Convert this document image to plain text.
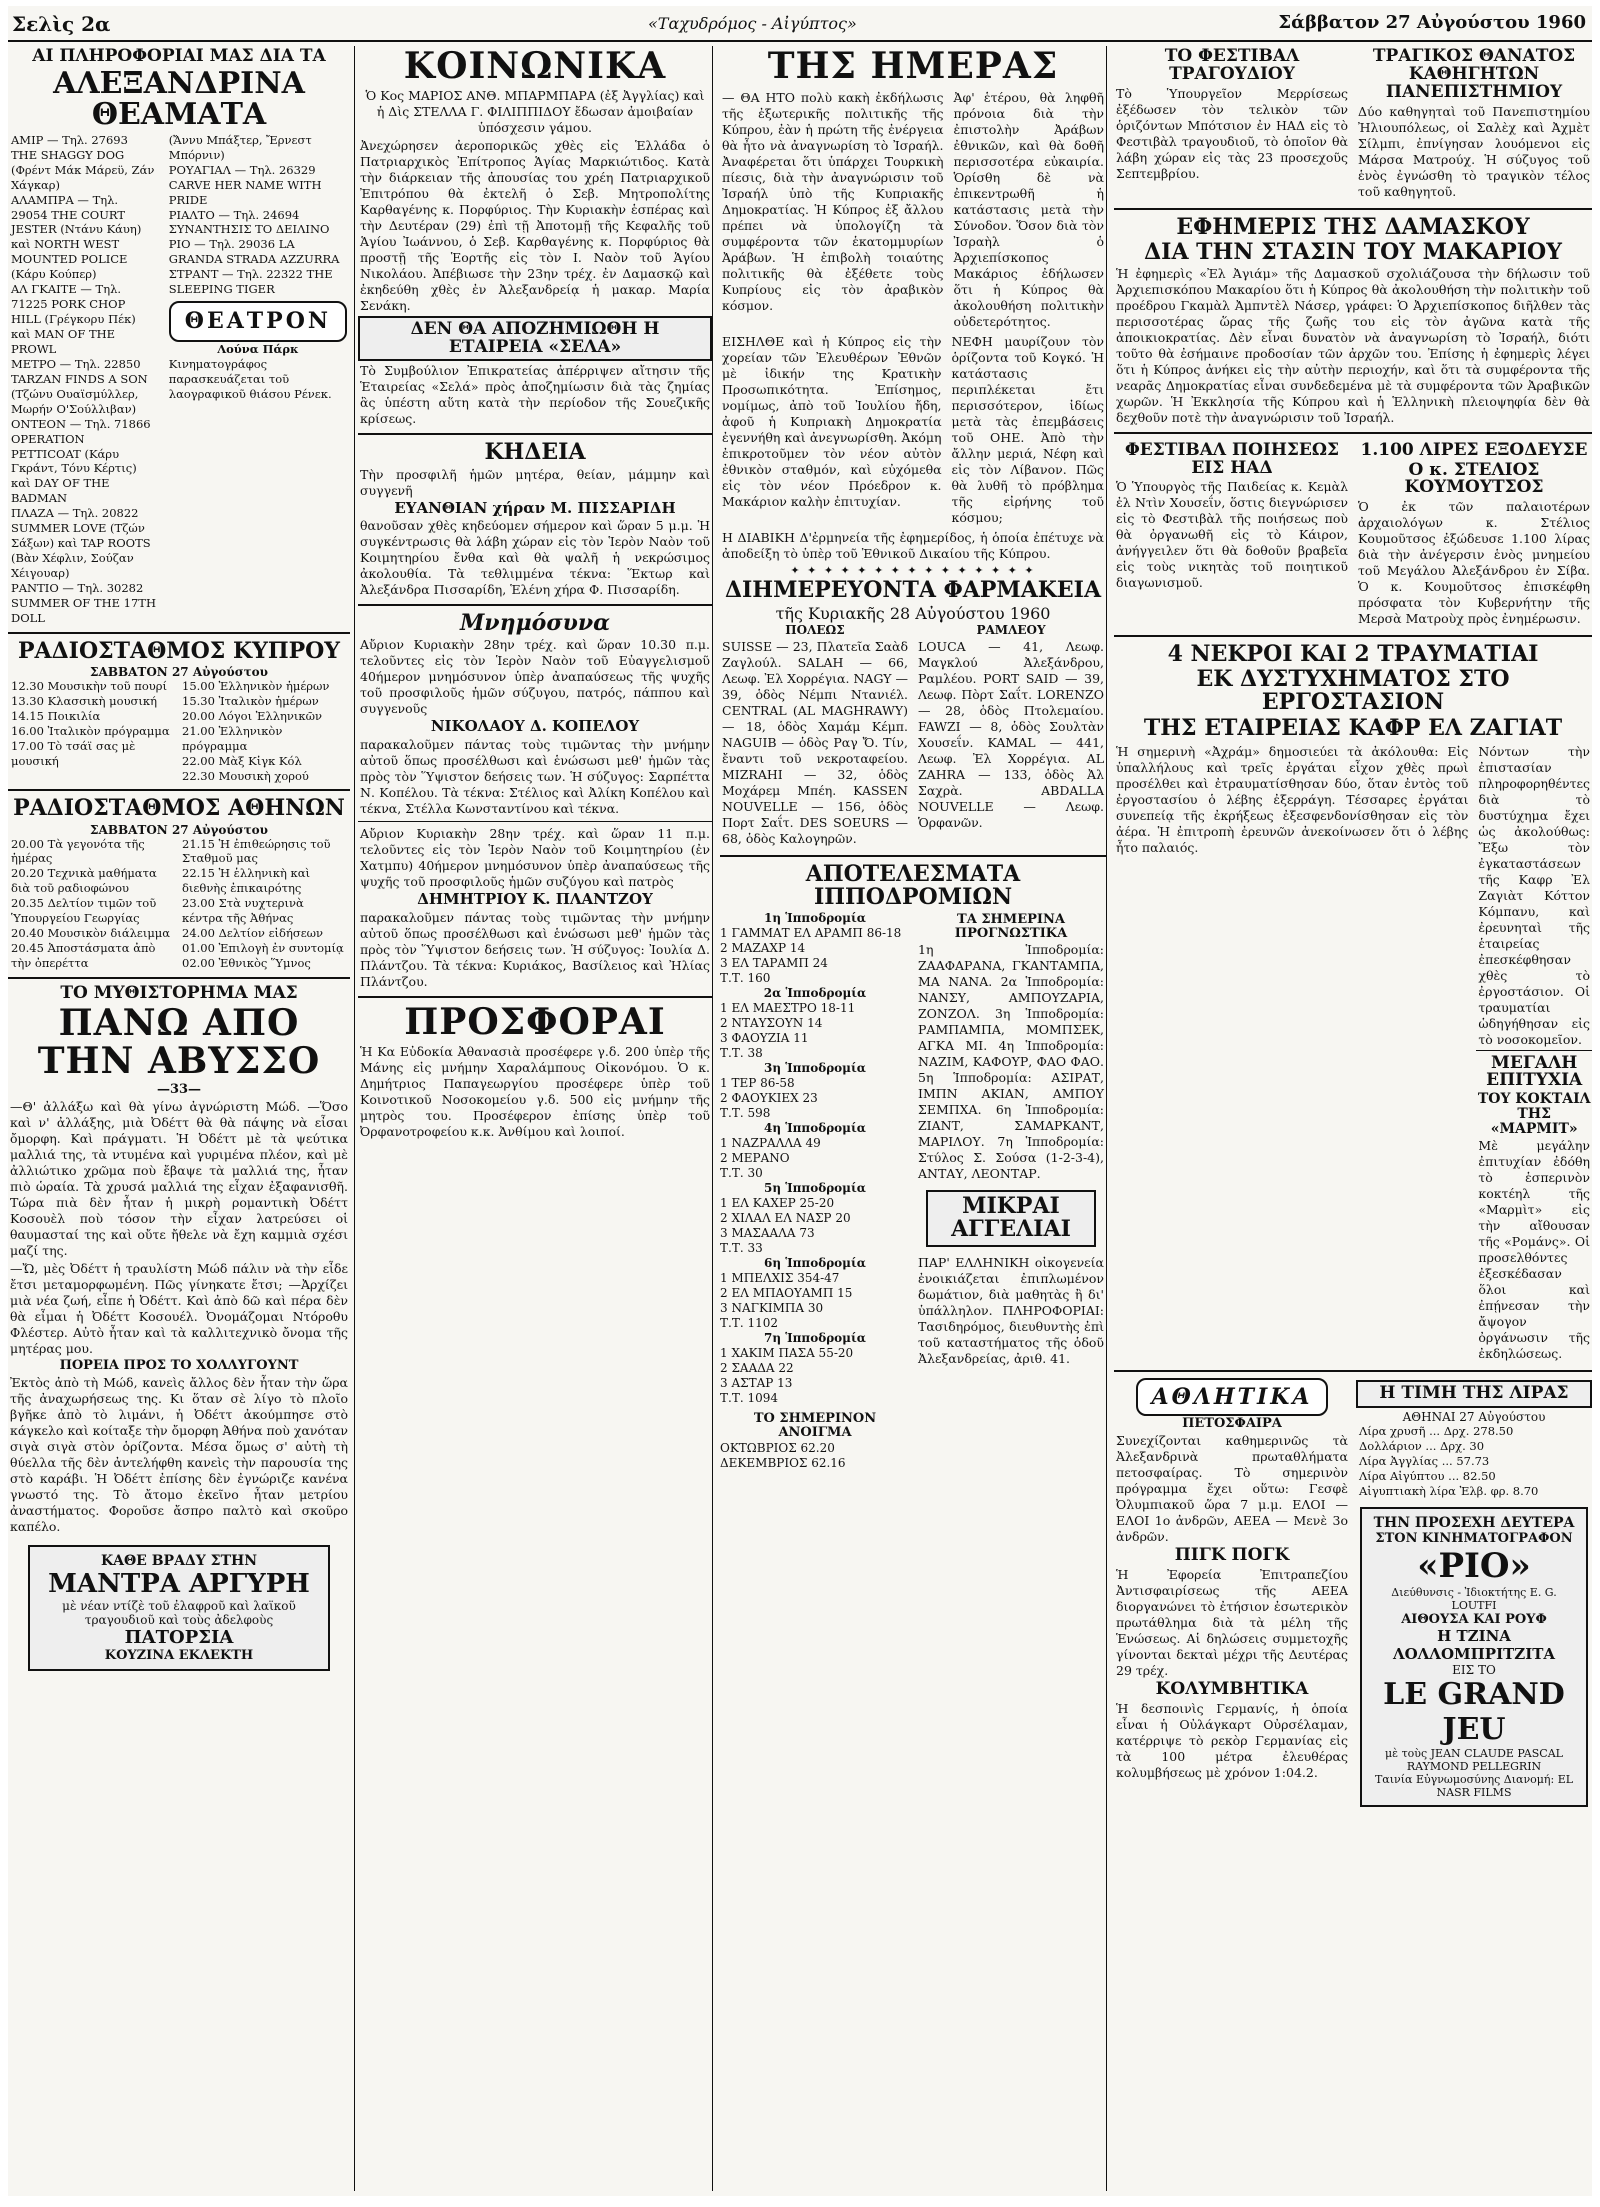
Σελὶς 2α	«Ταχυδρόμος - Αἰγύπτος»	Σάββατον 27 Αὐγούστου 1960
ΑΙ ΠΛΗΡΟΦΟΡΙΑΙ ΜΑΣ ΔΙΑ ΤΑ
ΑΛΕΞΑΝΔΡΙΝΑ ΘΕΑΜΑΤΑ
ΑΜΙΡ — Τηλ. 27693 THE SHAGGY DOG (Φρέντ Μάκ Μάρεϋ, Ζάν Χάγκαρ)
ΑΛΑΜΠΡΑ — Τηλ. 29054 THE COURT JESTER (Ντάνυ Κάυη) καὶ NORTH WEST MOUNTED POLICE (Κάρυ Κούπερ)
ΑΛ ΓΚΑΙΤΕ — Τηλ. 71225 PORK CHOP HILL (Γρέγκορυ Πέκ) καὶ MAN OF THE PROWL
ΜΕΤΡΟ — Τηλ. 22850 TARZAN FINDS A SON (Τζώνυ Ουαϊσμύλλερ, Μωρήν Ο'Σούλλιβαν)
ΟΝΤΕΟΝ — Τηλ. 71866 OPERATION PETTICOAT (Κάρυ Γκράντ, Τόνυ Κέρτις) καὶ DAY OF THE BADMAN
ΠΛΑΖΑ — Τηλ. 20822 SUMMER LOVE (Τζών Σάξων) καὶ TAP ROOTS (Βὰν Χέφλιν, Σούζαν Χέιγουαρ)
ΡΑΝΤΙΟ — Τηλ. 30282 SUMMER OF THE 17TH DOLL
(Ἄννυ Μπάξτερ, Ἔρνεστ Μπόρνιν)
ΡΟΥΑΓΙΑΛ — Τηλ. 26329 CARVE HER NAME WITH PRIDE
ΡΙΑΛΤΟ — Τηλ. 24694 ΣΥΝΑΝΤΗΣΙΣ ΤΟ ΔΕΙΛΙΝΟ
ΡΙΟ — Τηλ. 29036 LA GRANDA STRADA AZZURRA
ΣΤΡΑΝΤ — Τηλ. 22322 THE SLEEPING TIGER
ΘΕΑΤΡΟΝ
Λούνα Πάρκ
Κινηματογράφος παρασκευάζεται τοῦ λαογραφικοῦ θιάσου Ρένεκ.
ΡΑΔΙΟΣΤΑΘΜΟΣ ΚΥΠΡΟΥ
ΣΑΒΒΑΤΟΝ 27 Αὐγούστου
12.30 Μουσικὴν τοῦ πουρί
13.30 Κλασσικὴ μουσική
14.15 Ποικιλία
16.00 Ἰταλικὸν πρόγραμμα
17.00 Τὸ τσάϊ σας μὲ μουσική
15.00 Ἑλληνικὸν ἡμέρων
15.30 Ἰταλικὸν ἡμέρων
20.00 Λόγοι Ἑλληνικῶν
21.00 Ἑλληνικὸν πρόγραμμα
22.00 Μὰξ Κἰγκ Κόλ
22.30 Μουσικὴ χορού
ΡΑΔΙΟΣΤΑΘΜΟΣ ΑΘΗΝΩΝ
ΣΑΒΒΑΤΟΝ 27 Αὐγούστου
20.00 Τὰ γεγονότα τῆς ἡμέρας
20.20 Τεχνικὰ μαθήματα διὰ τοῦ ραδιοφώνου
20.35 Δελτίον τιμῶν τοῦ Ὑπουργείου Γεωργίας
20.40 Μουσικὸν διάλειμμα
20.45 Ἀποστάσματα ἀπὸ τὴν ὀπερέττα
21.15 Ἡ ἐπιθεώρησις τοῦ Σταθμοῦ μας
22.15 Ἡ ἑλληνικὴ καὶ διεθνὴς ἐπικαιρότης
23.00 Στὰ νυχτερινὰ κέντρα τῆς Ἀθήνας
24.00 Δελτίον εἰδήσεων
01.00 Ἐπιλογὴ ἐν συντομίᾳ
02.00 Ἐθνικὸς Ὕμνος
ΤΟ ΜΥΘΙΣΤΟΡΗΜΑ ΜΑΣ
ΠΑΝΩ ΑΠΟ ΤΗΝ ΑΒΥΣΣΟ
—33—

—Θ' ἀλλάξω καὶ θὰ γίνω ἀγνώριστη Μώδ. —Ὅσο καὶ ν' ἀλλάξης, μιὰ Ὀδέττ θὰ θὰ πάψης νὰ εἶσαι ὄμορφη. Καὶ πράγματι. Ἡ Ὀδέττ μὲ τὰ ψεύτικα μαλλιά της, τὰ ντυμένα καὶ γυριμένα πλέον, καὶ μὲ ἀλλιώτικο χρῶμα ποὺ ἔβαψε τὰ μαλλιά της, ἦταν πιὸ ὡραία. Τὰ χρυσά μαλλιά της εἶχαν ἐξαφανισθῆ. Τώρα πιὰ δὲν ἦταν ἡ μικρὴ ρομαντικὴ Ὀδέττ Κοσουὲλ ποὺ τόσον τὴν εἶχαν λατρεύσει οἱ θαυμασταί της καὶ οὔτε ἤθελε νὰ ἔχη καμμιὰ σχέσι μαζί της.

—Ὤ, μὲς Ὀδέττ ἡ τραυλίστη Μώδ πάλιν νὰ τὴν εἶδε ἔτσι μεταμορφωμένη. Πῶς γίνηκατε ἔτσι; —Ἀρχίζει μιὰ νέα ζωή, εἶπε ἡ Ὀδέττ. Καὶ ἀπὸ δῶ καὶ πέρα δὲν θὰ εἶμαι ἡ Ὀδέττ Κοσουέλ. Ὀνομάζομαι Ντόροθυ Φλέστερ. Αὐτὸ ἦταν καὶ τὰ καλλιτεχνικὸ ὄνομα τῆς μητέρας μου.

ΠΟΡΕΙΑ ΠΡΟΣ ΤΟ ΧΟΛΛΥΓΟΥΝΤ

Ἐκτὸς ἀπὸ τὴ Μώδ, κανεὶς ἄλλος δὲν ἦταν τὴν ὥρα τῆς ἀναχωρήσεως της. Κι ὅταν σὲ λίγο τὸ πλοῖο βγῆκε ἀπὸ τὸ λιμάνι, ἡ Ὀδέττ ἀκούμπησε στὸ κάγκελο καὶ κοίταξε τὴν ὄμορφη Ἀθήνα ποὺ χανόταν σιγὰ σιγὰ στὸν ὁρίζοντα. Μέσα ὅμως σ' αὐτὴ τὴ θύελλα τῆς δὲν ἀντελήφθη κανεὶς τὴν παρουσία της στὸ καράβι. Ἡ Ὀδέττ ἐπίσης δὲν ἐγνώριζε κανένα γνωστό της. Τὸ ἄτομο ἐκεῖνο ἦταν μετρίου ἀναστήματος. Φοροῦσε ἄσπρο παλτὸ καὶ σκοῦρο καπέλο.

ΚΑΘΕ ΒΡΑΔΥ ΣΤΗΝ
ΜΑΝΤΡΑ ΑΡΓΥΡΗ
μὲ νέαν ντίζὲ τοῦ ἐλαφροῦ καὶ λαϊκοῦ τραγουδιοῦ καὶ τοὺς ἀδελφοὺς
ΠΑΤΟΡΣΙΑ
ΚΟΥΖΙΝΑ ΕΚΛΕΚΤΗ
ΚΟΙΝΩΝΙΚΑ

Ὁ Κος ΜΑΡΙΟΣ ΑΝΘ. ΜΠΑΡΜΠΑΡΑ (ἐξ Ἀγγλίας) καὶ ἡ Δὶς ΣΤΕΛΛΑ Γ. ΦΙΛΙΠΠΙΔΟΥ ἔδωσαν ἀμοιβαίαν ὑπόσχεσιν γάμου.

Ἀνεχώρησεν ἀεροπορικῶς χθὲς εἰς Ἑλλάδα ὁ Πατριαρχικὸς Ἐπίτροπος Ἁγίας Μαρκιώτιδος. Κατὰ τὴν διάρκειαν τῆς ἀπουσίας του χρέη Πατριαρχικοῦ Ἐπιτρόπου θὰ ἐκτελῆ ὁ Σεβ. Μητροπολίτης Καρθαγένης κ. Πορφύριος. Τὴν Κυριακὴν ἑσπέρας καὶ τὴν Δευτέραν (29) ἐπὶ τῇ Ἀποτομῇ τῆς Κεφαλῆς τοῦ Ἁγίου Ἰωάννου, ὁ Σεβ. Καρθαγένης κ. Πορφύριος θὰ προστῇ τῆς Ἑορτῆς εἰς τὸν Ι. Ναὸν τοῦ Ἁγίου Νικολάου. Ἀπέβιωσε τὴν 23ην τρέχ. ἐν Δαμασκῷ καὶ ἐκηδεύθη χθὲς ἐν Ἀλεξανδρείᾳ ἡ μακαρ. Μαρία Σενάκη.

ΔΕΝ ΘΑ ΑΠΟΖΗΜΙΩΘΗ Η ΕΤΑΙΡΕΙΑ «ΣΕΛΑ»

Τὸ Συμβούλιον Ἐπικρατείας ἀπέρριψεν αἴτησιν τῆς Ἑταιρείας «Σελά» πρὸς ἀποζημίωσιν διὰ τὰς ζημίας ἃς ὑπέστη αὕτη κατὰ τὴν περίοδον τῆς Σουεζικῆς κρίσεως.

ΚΗΔΕΙΑ

Τὴν προσφιλῆ ἡμῶν μητέρα, θείαν, μάμμην καὶ συγγενῆ

ΕΥΑΝΘΙΑΝ χήραν Μ. ΠΙΣΣΑΡΙΔΗ

θανοῦσαν χθὲς κηδεύομεν σήμερον καὶ ὥραν 5 μ.μ. Ἡ συγκέντρωσις θὰ λάβη χώραν εἰς τὸν Ἱερὸν Ναὸν τοῦ Κοιμητηρίου ἔνθα καὶ θὰ ψαλῆ ἡ νεκρώσιμος ἀκολουθία. Τὰ τεθλιμμένα τέκνα: Ἕκτωρ καὶ Ἀλεξάνδρα Πισσαρίδη, Ἑλένη χήρα Φ. Πισσαρίδη.

Μνημόσυνα

Αὔριον Κυριακὴν 28ην τρέχ. καὶ ὥραν 10.30 π.μ. τελοῦντες εἰς τὸν Ἱερὸν Ναὸν τοῦ Εὐαγγελισμοῦ 40ήμερον μνημόσυνον ὑπὲρ ἀναπαύσεως τῆς ψυχῆς τοῦ προσφιλοῦς ἡμῶν σύζυγου, πατρός, πάππου καὶ συγγενοῦς

ΝΙΚΟΛΑΟΥ Δ. ΚΟΠΕΛΟΥ

παρακαλοῦμεν πάντας τοὺς τιμῶντας τὴν μνήμην αὐτοῦ ὅπως προσέλθωσι καὶ ἑνώσωσι μεθ' ἡμῶν τὰς πρὸς τὸν Ὕψιστον δεήσεις των. Ἡ σύζυγος: Σαρπέττα Ν. Κοπέλου. Τὰ τέκνα: Στέλιος καὶ Ἀλίκη Κοπέλου καὶ τέκνα, Στέλλα Κωνσταντίνου καὶ τέκνα.

Αὔριον Κυριακὴν 28ην τρέχ. καὶ ὥραν 11 π.μ. τελοῦντες εἰς τὸν Ἱερὸν Ναὸν τοῦ Κοιμητηρίου (ἐν Χατμπυ) 40ήμερον μνημόσυνον ὑπὲρ ἀναπαύσεως τῆς ψυχῆς τοῦ προσφιλοῦς ἡμῶν συζύγου καὶ πατρὸς

ΔΗΜΗΤΡΙΟΥ Κ. ΠΛΑΝΤΖΟΥ

παρακαλοῦμεν πάντας τοὺς τιμῶντας τὴν μνήμην αὐτοῦ ὅπως προσέλθωσι καὶ ἑνώσωσι μεθ' ἡμῶν τὰς πρὸς τὸν Ὕψιστον δεήσεις των. Ἡ σύζυγος: Ἰουλία Δ. Πλάντζου. Τὰ τέκνα: Κυριάκος, Βασίλειος καὶ Ἠλίας Πλάντζου.

ΠΡΟΣΦΟΡΑΙ

Ἡ Κα Εὐδοκία Ἀθανασιὰ προσέφερε γ.δ. 200 ὑπὲρ τῆς Μάνης εἰς μνήμην Χαραλάμπους Οἰκονόμου. Ὁ κ. Δημήτριος Παπαγεωργίου προσέφερε ὑπὲρ τοῦ Κοινοτικοῦ Νοσοκομείου γ.δ. 500 εἰς μνήμην τῆς μητρὸς του. Προσέφερον ἐπίσης ὑπὲρ τοῦ Ὀρφανοτροφείου κ.κ. Ἀνθίμου καὶ λοιποί.

ΤΗΣ ΗΜΕΡΑΣ

— ΘΑ ΗΤΟ πολὺ κακὴ ἐκδήλωσις τῆς ἐξωτερικῆς πολιτικῆς τῆς Κύπρου, ἐὰν ἡ πρώτη τῆς ἐνέργεια θὰ ἦτο νὰ ἀναγνωρίση τὸ Ἰσραήλ. Ἀναφέρεται ὅτι ὑπάρχει Τουρκικὴ πίεσις, διὰ τὴν ἀναγνώρισιν τοῦ Ἰσραήλ ὑπὸ τῆς Κυπριακῆς Δημοκρατίας. Ἡ Κύπρος ἐξ ἄλλου πρέπει νὰ ὑπολογίζη τὰ συμφέροντα τῶν ἑκατομμυρίων Ἀράβων. Ἡ ἐπιβολὴ τοιαύτης πολιτικῆς θὰ ἐξέθετε τοὺς Κυπρίους εἰς τὸν ἀραβικὸν κόσμον.

Ἀφ' ἑτέρου, θὰ ληφθῆ πρόνοια διὰ τὴν ἐπιστολὴν Ἀράβων ἐθνικῶν, καὶ θὰ δοθῆ περισσοτέρα εὐκαιρία. Ὁρίσθη δὲ νὰ ἐπικεντρωθῆ ἡ κατάστασις μετὰ τὴν Σύνοδον. Ὅσον διὰ τὸν Ἰσραὴλ ὁ Ἀρχιεπίσκοπος Μακάριος ἐδήλωσεν ὅτι ἡ Κύπρος θὰ ἀκολουθήση πολιτικὴν οὐδετερότητος.

ΕΙΣΗΛΘΕ καὶ ἡ Κύπρος εἰς τὴν χορείαν τῶν Ἐλευθέρων Ἐθνῶν μὲ ἰδικήν της Κρατικὴν Προσωπικότητα. Ἐπίσημος, νομίμως, ἀπὸ τοῦ Ἰουλίου ἤδη, ἀφοῦ ἡ Κυπριακὴ Δημοκρατία ἐγεννήθη καὶ ἀνεγνωρίσθη. Ἀκόμη ἐπικροτοῦμεν τὸν νέον αὐτὸν ἐθνικὸν σταθμόν, καὶ εὐχόμεθα εἰς τὸν νέον Πρόεδρον κ. Μακάριον καλὴν ἐπιτυχίαν.

ΝΕΦΗ μαυρίζουν τὸν ὁρίζοντα τοῦ Κογκό. Ἡ κατάστασις περιπλέκεται ἔτι περισσότερον, ἰδίως μετὰ τὰς ἐπεμβάσεις τοῦ ΟΗΕ. Ἀπὸ τὴν ἄλλην μεριά, Νέφη καὶ εἰς τὸν Λίβανον. Πῶς θὰ λυθῆ τὸ πρόβλημα τῆς εἰρήνης τοῦ κόσμου;

Η ΔΙΑΒΙΚΗ Δ'ἐρμηνεία τῆς ἐφημερίδος, ἡ ὁποία ἐπέτυχε νὰ ἀποδείξη τὸ ὑπὲρ τοῦ Ἐθνικοῦ Δικαίου τῆς Κύπρου.

✦ ✦ ✦ ✦ ✦ ✦ ✦ ✦ ✦ ✦ ✦ ✦ ✦ ✦ ✦
ΔΙΗΜΕΡΕΥΟΝΤΑ ΦΑΡΜΑΚΕΙΑ
τῆς Κυριακῆς 28 Αὐγούστου 1960
ΠΟΛΕΩΣ

SUISSE — 23, Πλατεῖα Σαὰδ Ζαγλούλ. SALAH — 66, Λεωφ. Ἐλ Χορρέγια. NAGY — 39, ὁδὸς Νέμπι Ντανιέλ. CENTRAL (AL MAGHRAWY) — 18, ὁδὸς Χαμάμ Κέμπ. NAGUIB — ὁδὸς Ραγ Ὄ. Τίν, ἔναντι τοῦ νεκροταφείου. MIZRAHI — 32, ὁδὸς Μοχάρεμ Μπέη. KASSEN NOUVELLE — 156, ὁδὸς Πορτ Σαΐτ. DES SOEURS — 68, ὁδὸς Καλογηρῶν.

ΡΑΜΛΕΟΥ

LOUCA — 41, Λεωφ. Μαγκλού Ἀλεξάνδρου, Ραμλέου. PORT SAID — 39, Λεωφ. Πὸρτ Σαΐτ. LORENZO — 28, ὁδὸς Πτολεμαίου. FAWZI — 8, ὁδὸς Σουλτὰν Χουσεΐν. KAMAL — 441, Λεωφ. Ἐλ Χορρέγια. AL ZAHRA — 133, ὁδὸς Ἀλ Σαχρὰ. ABDALLA NOUVELLE — Λεωφ. Ὁρφανῶν.

ΑΠΟΤΕΛΕΣΜΑΤΑ ΙΠΠΟΔΡΟΜΙΩΝ
1η Ἱπποδρομία
1 ΓΑΜΜΑΤ ΕΛ ΑΡΑΜΠ 86-18
2 ΜΑΖΑΧΡ 14
3 ΕΛ ΤΑΡΑΜΠ 24
Τ.Τ. 160
2α Ἱπποδρομία
1 ΕΛ ΜΑΕΣΤΡΟ 18-11
2 ΝΤΑΥΣΟΥΝ 14
3 ΦΑΟΥΖΙΑ 11
Τ.Τ. 38
3η Ἱπποδρομία
1 ΤΕΡ 86-58
2 ΦΑΟΥΚΙΕΧ 23
Τ.Τ. 598
4η Ἱπποδρομία
1 ΝΑΖΡΑΛΛΑ 49
2 ΜΕΡΑΝΟ
Τ.Τ. 30
5η Ἱπποδρομία
1 ΕΛ ΚΑΧΕΡ 25-20
2 ΧΙΛΑΛ ΕΛ ΝΑΣΡ 20
3 ΜΑΣΑΑΛΑ 73
Τ.Τ. 33
6η Ἱπποδρομία
1 ΜΠΕΛΧΙΣ 354-47
2 ΕΛ ΜΠΑΟΥΑΜΠ 15
3 ΝΑΓΚΙΜΠΑ 30
Τ.Τ. 1102
7η Ἱπποδρομία
1 ΧΑΚΙΜ ΠΑΣΑ 55-20
2 ΣΑΑΔΑ 22
3 ΑΣΤΑΡ 13
Τ.Τ. 1094
ΤΟ ΣΗΜΕΡΙΝΟΝ ΑΝΟΙΓΜΑ
ΟΚΤΩΒΡΙΟΣ 62.20
ΔΕΚΕΜΒΡΙΟΣ 62.16
ΤΑ ΣΗΜΕΡΙΝΑ ΠΡΟΓΝΩΣΤΙΚΑ

1η Ἱπποδρομία: ΖΑΑΦΑΡΑΝΑ, ΓΚΑΝΤΑΜΠΑ, ΜΑ ΝΑΝΑ. 2α Ἱπποδρομία: ΝΑΝΣΥ, ΑΜΠΟΥΖΑΡΙΑ, ΖΟΝΖΟΛ. 3η Ἱπποδρομία: ΡΑΜΠΑΜΠΑ, ΜΟΜΠΣΕΚ, ΑΓΚΑ ΜΙ. 4η Ἱπποδρομία: ΝΑΖΙΜ, ΚΑΦΟΥΡ, ΦΑΟ ΦΑΟ. 5η Ἱπποδρομία: ΑΣΙΡΑΤ, ΙΜΠΝ ΑΚΙΑΝ, ΑΜΠΟΥ ΣΕΜΠΧΑ. 6η Ἱπποδρομία: ΖΙΑΝΤ, ΣΑΜΑΡΚΑΝΤ, ΜΑΡΙΛΟΥ. 7η Ἱπποδρομία: Στύλος Σ. Σούσα (1-2-3-4), ΑΝΤΑΥ, ΛΕΟΝΤΑΡ.

ΜΙΚΡΑΙ ΑΓΓΕΛΙΑΙ

ΠΑΡ' ΕΛΛΗΝΙΚΗ οἰκογενεία ἐνοικιάζεται ἐπιπλωμένον δωμάτιον, διὰ μαθητὰς ἢ δι' ὑπάλληλον. ΠΛΗΡΟΦΟΡΙΑΙ: Τασιδηρόμος, διευθυντὴς ἐπὶ τοῦ καταστήματος τῆς ὁδοῦ Ἀλεξανδρείας, ἀριθ. 41.

ΤΟ ΦΕΣΤΙΒΑΛ ΤΡΑΓΟΥΔΙΟΥ

Τὸ Ὑπουργεῖον Μερρίσεως ἐξέδωσεν τὸν τελικὸν τῶν ὁριζόντων Μπότσιον ἐν ΗΑΔ εἰς τὸ Φεστιβὰλ τραγουδιοῦ, τὸ ὁποῖον θὰ λάβη χώραν εἰς τὰς 23 προσεχοῦς Σεπτεμβρίου.

ΤΡΑΓΙΚΟΣ ΘΑΝΑΤΟΣ ΚΑΘΗΓΗΤΩΝ ΠΑΝΕΠΙΣΤΗΜΙΟΥ

Δύο καθηγηταὶ τοῦ Πανεπιστημίου Ἠλιουπόλεως, οἱ Σαλὲχ καὶ Ἀχμὲτ Σίλμπι, ἐπνίγησαν λουόμενοι εἰς Μάρσα Ματρούχ. Ἡ σύζυγος τοῦ ἑνὸς ἐγνώσθη τὸ τραγικὸν τέλος τοῦ καθηγητοῦ.

ΕΦΗΜΕΡΙΣ ΤΗΣ ΔΑΜΑΣΚΟΥ
ΔΙΑ ΤΗΝ ΣΤΑΣΙΝ ΤΟΥ ΜΑΚΑΡΙΟΥ

Ἡ ἐφημερὶς «Ἐλ Ἀγιάμ» τῆς Δαμασκοῦ σχολιάζουσα τὴν δήλωσιν τοῦ Ἀρχιεπισκόπου Μακαρίου ὅτι ἡ Κύπρος θὰ ἀκολουθήση τὴν πολιτικὴν τοῦ προέδρου Γκαμὰλ Ἀμπντὲλ Νάσερ, γράφει: Ὁ Ἀρχιεπίσκοπος διῆλθεν τὰς περισσοτέρας ὥρας τῆς ζωῆς του εἰς τὸν ἀγῶνα κατὰ τῆς ἀποικιοκρατίας. Δὲν εἶναι δυνατὸν νὰ ἀναγνωρίση τὸ Ἰσραήλ, διότι τοῦτο θὰ ἐσήμαινε προδοσίαν τῶν ἀρχῶν του. Ἐπίσης ἡ ἐφημερὶς λέγει ὅτι ἡ Κύπρος ἀνήκει εἰς τὴν αὐτὴν περιοχήν, καὶ ὅτι τὰ συμφέροντα τῆς νεαρᾶς Δημοκρατίας εἶναι συνδεδεμένα μὲ τὰ συμφέροντα τῶν Ἀραβικῶν χωρῶν. Ἡ Ἐκκλησία τῆς Κύπρου καὶ ἡ Ἑλληνικὴ πλειοψηφία δὲν θὰ δεχθοῦν ποτὲ τὴν ἀναγνώρισιν τοῦ Ἰσραήλ.

ΦΕΣΤΙΒΑΛ ΠΟΙΗΣΕΩΣ ΕΙΣ ΗΑΔ

Ὁ Ὑπουργὸς τῆς Παιδείας κ. Κεμὰλ ἐλ Ντὶν Χουσεΐν, ὅστις διεγνώρισεν εἰς τὸ Φεστιβὰλ τῆς ποιήσεως ποὺ θὰ ὀργανωθῆ εἰς τὸ Κάιρον, ἀνήγγειλεν ὅτι θὰ δοθοῦν βραβεῖα εἰς τοὺς νικητὰς τοῦ ποιητικοῦ διαγωνισμοῦ.

1.100 ΛΙΡΕΣ ΕΞΟΔΕΥΣΕ
Ο κ. ΣΤΕΛΙΟΣ ΚΟΥΜΟΥΤΣΟΣ

Ὁ ἐκ τῶν παλαιοτέρων ἀρχαιολόγων κ. Στέλιος Κουμοῦτσος ἐξώδευσε 1.100 λίρας διὰ τὴν ἀνέγερσιν ἑνὸς μνημείου τοῦ Μεγάλου Ἀλεξάνδρου ἐν Σίβα. Ὁ κ. Κουμοῦτσος ἐπισκέφθη πρόσφατα τὸν Κυβερνήτην τῆς Μερσὰ Ματροὺχ πρὸς ἐνημέρωσιν.

4 ΝΕΚΡΟΙ ΚΑΙ 2 ΤΡΑΥΜΑΤΙΑΙ
ΕΚ ΔΥΣΤΥΧΗΜΑΤΟΣ ΣΤΟ ΕΡΓΟΣΤΑΣΙΟΝ
ΤΗΣ ΕΤΑΙΡΕΙΑΣ ΚΑΦΡ ΕΛ ΖΑΓΙΑΤ

Ἡ σημερινὴ «Ἀχράμ» δημοσιεύει τὰ ἀκόλουθα: Εἰς ὑπαλλήλους καὶ τρεῖς ἐργάται εἶχον χθὲς πρωὶ προσέλθει καὶ ἐτραυματίσθησαν δύο, ὅταν ἐντὸς τοῦ ἐργοστασίου ὁ λέβης ἐξερράγη. Τέσσαρες ἐργάται συνεπείᾳ τῆς ἐκρήξεως ἐξεσφενδονίσθησαν εἰς τὸν ἀέρα. Ἡ ἐπιτροπὴ ἐρευνῶν ἀνεκοίνωσεν ὅτι ὁ λέβης ἦτο παλαιός.

Νόντων τὴν ἐπιστασίαν πληροφορηθέντες διὰ τὸ δυστύχημα ἔχει ὡς ἀκολούθως: Ἔξω τὸν ἐγκαταστάσεων τῆς Καφρ Ἐλ Ζαγιὰτ Κόττον Κόμπανυ, καὶ ἐρευνηταὶ τῆς ἑταιρείας ἐπεσκέφθησαν χθὲς τὸ ἐργοστάσιον. Οἱ τραυματίαι ὡδηγήθησαν εἰς τὸ νοσοκομεῖον.

ΜΕΓΑΛΗ ΕΠΙΤΥΧΙΑ
ΤΟΥ ΚΟΚΤΑΙΛ ΤΗΣ «ΜΑΡΜΙΤ»

Μὲ μεγάλην ἐπιτυχίαν ἐδόθη τὸ ἑσπερινὸν κοκτέηλ τῆς «Μαρμὶτ» εἰς τὴν αἴθουσαν τῆς «Ρομάνς». Οἱ προσελθόντες ἐξεσκέδασαν ὅλοι καὶ ἐπῄνεσαν τὴν ἄψογον ὀργάνωσιν τῆς ἐκδηλώσεως.

ΑΘΛΗΤΙΚΑ
ΠΕΤΟΣΦΑΙΡΑ

Συνεχίζονται καθημερινῶς τὰ Ἀλεξανδρινὰ πρωταθλήματα πετοσφαίρας. Τὸ σημερινὸν πρόγραμμα ἔχει οὕτω: Γεσφὲ Ὀλυμπιακοῦ ὥρα 7 μ.μ. ΕΛΟΙ — ΕΛΟΙ 1ο ἀνδρῶν, ΑΕΕΑ — Μενὲ 3ο ἀνδρῶν.

ΠΙΓΚ ΠΟΓΚ

Ἡ Ἐφορεία Ἐπιτραπεζίου Ἀντισφαιρίσεως τῆς ΑΕΕΑ διοργανώνει τὸ ἐτήσιον ἐσωτερικὸν πρωτάθλημα διὰ τὰ μέλη τῆς Ἑνώσεως. Αἱ δηλώσεις συμμετοχῆς γίνονται δεκταὶ μέχρι τῆς Δευτέρας 29 τρέχ.

ΚΟΛΥΜΒΗΤΙΚΑ

Ἡ δεσποινὶς Γερμανίς, ἡ ὁποία εἶναι ἡ Οὐλάγκαρτ Οὐρσέλαμαν, κατέρριψε τὸ ρεκὸρ Γερμανίας εἰς τὰ 100 μέτρα ἐλευθέρας κολυμβήσεως μὲ χρόνον 1:04.2.

Η ΤΙΜΗ ΤΗΣ ΛΙΡΑΣ
ΑΘΗΝΑΙ 27 Αὐγούστου
Λίρα χρυσῆ ... Δρχ. 278.50
Δολλάριον ... Δρχ. 30
Λίρα Ἀγγλίας ... 57.73
Λίρα Αἰγύπτου ... 82.50
Αἰγυπτιακὴ λίρα Ἐλβ. φρ. 8.70
ΤΗΝ ΠΡΟΣΕΧΗ ΔΕΥΤΕΡΑ
ΣΤΟΝ ΚΙΝΗΜΑΤΟΓΡΑΦΟΝ
«ΡΙΟ»
Διεύθυνσις - Ἰδιοκτήτης E. G. LOUTFI
ΑΙΘΟΥΣΑ ΚΑΙ ΡΟΥΦ
Η ΤΖΙΝΑ ΛΟΛΛΟΜΠΡΙΤΖΙΤΑ
ΕΙΣ ΤΟ
LE GRAND JEU
μὲ τοὺς JEAN CLAUDE PASCAL RAYMOND PELLEGRIN
Ταινία Εὐγνωμοσύνης Διανομή: EL NASR FILMS
